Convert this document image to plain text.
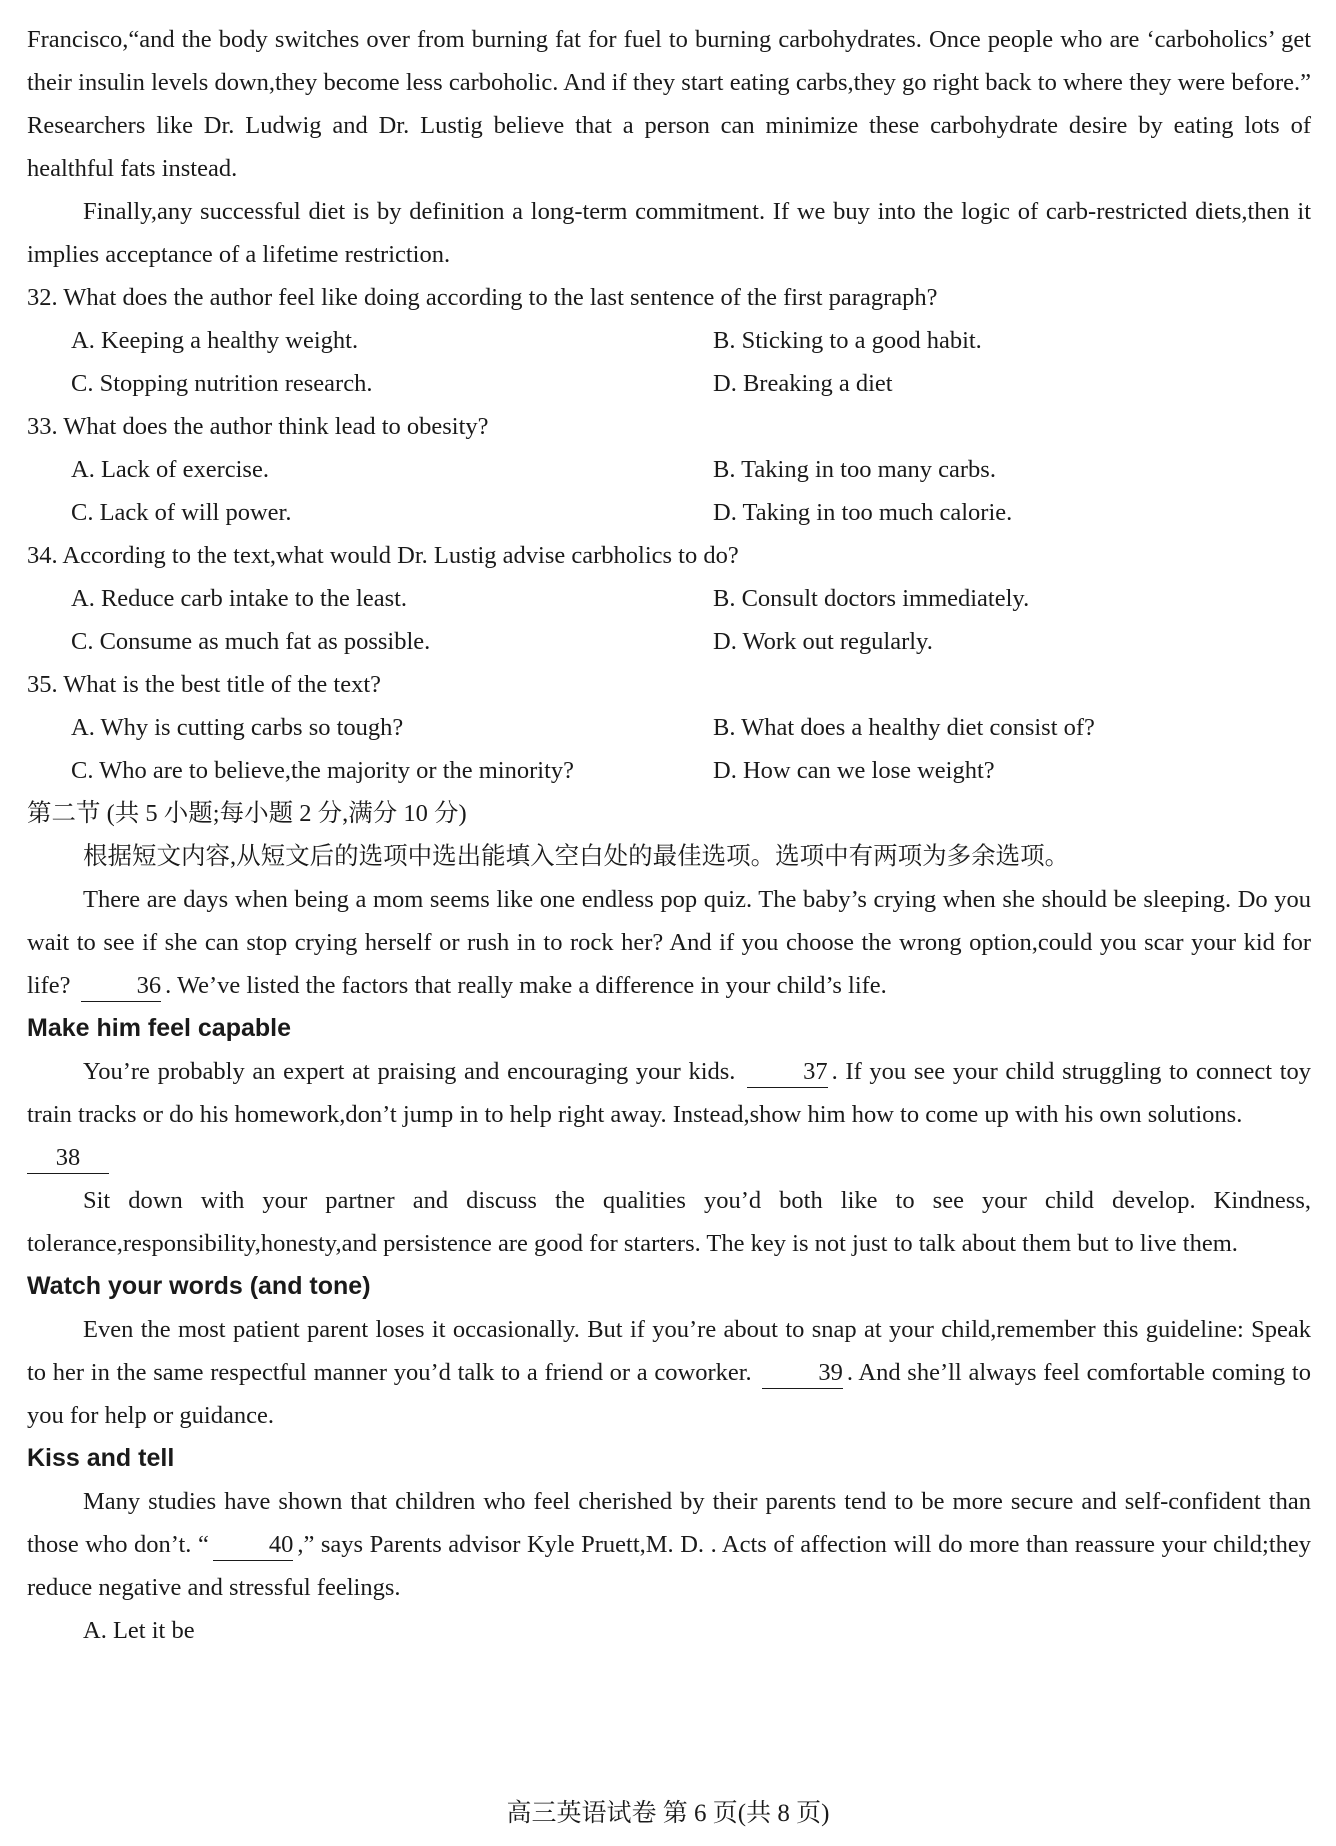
Francisco,“and the body switches over from burning fat for fuel to burning carbohydrates. Once people who are ‘carboholics’ get their insulin levels down,they become less carboholic. And if they start eating carbs,they go right back to where they were before.” Researchers like Dr. Ludwig and Dr. Lustig believe that a person can minimize these carbohydrate desire by eating lots of healthful fats instead.

Finally,any successful diet is by definition a long-term commitment. If we buy into the logic of carb-restricted diets,then it implies acceptance of a lifetime restriction.

32. What does the author feel like doing according to the last sentence of the first paragraph?

A. Keeping a healthy weight.	B. Sticking to a good habit.

C. Stopping nutrition research.	D. Breaking a diet

33. What does the author think lead to obesity?

A. Lack of exercise.	B. Taking in too many carbs.

C. Lack of will power.	D. Taking in too much calorie.

34. According to the text,what would Dr. Lustig advise carbholics to do?

A. Reduce carb intake to the least.	B. Consult doctors immediately.

C. Consume as much fat as possible.	D. Work out regularly.

35. What is the best title of the text?

A. Why is cutting carbs so tough?	B. What does a healthy diet consist of?

C. Who are to believe,the majority or the minority?	D. How can we lose weight?

第二节 (共 5 小题;每小题 2 分,满分 10 分)

根据短文内容,从短文后的选项中选出能填入空白处的最佳选项。选项中有两项为多余选项。

There are days when being a mom seems like one endless pop quiz. The baby’s crying when she should be sleeping. Do you wait to see if she can stop crying herself or rush in to rock her? And if you choose the wrong option,could you scar your kid for life?	36 . We’ve listed the factors that really make a difference in your child’s life.

Make him feel capable

You’re probably an expert at praising and encouraging your kids.	37 . If you see your child struggling to connect toy train tracks or do his homework,don’t jump in to help right away. Instead,show him how to come up with his own solutions.

38

Sit down with your partner and discuss the qualities you’d both like to see your child develop. Kindness, tolerance,responsibility,honesty,and persistence are good for starters. The key is not just to talk about them but to live them.

Watch your words (and tone)

Even the most patient parent loses it occasionally. But if you’re about to snap at your child,remember this guideline: Speak to her in the same respectful manner you’d talk to a friend or a coworker.	39 . And she’ll always feel comfortable coming to you for help or guidance.

Kiss and tell

Many studies have shown that children who feel cherished by their parents tend to be more secure and self-confident than those who don’t. “ 40 ,” says Parents advisor Kyle Pruett,M. D. . Acts of affection will do more than reassure your child;they reduce negative and stressful feelings.

A. Let it be

高三英语试卷 第 6 页(共 8 页)
